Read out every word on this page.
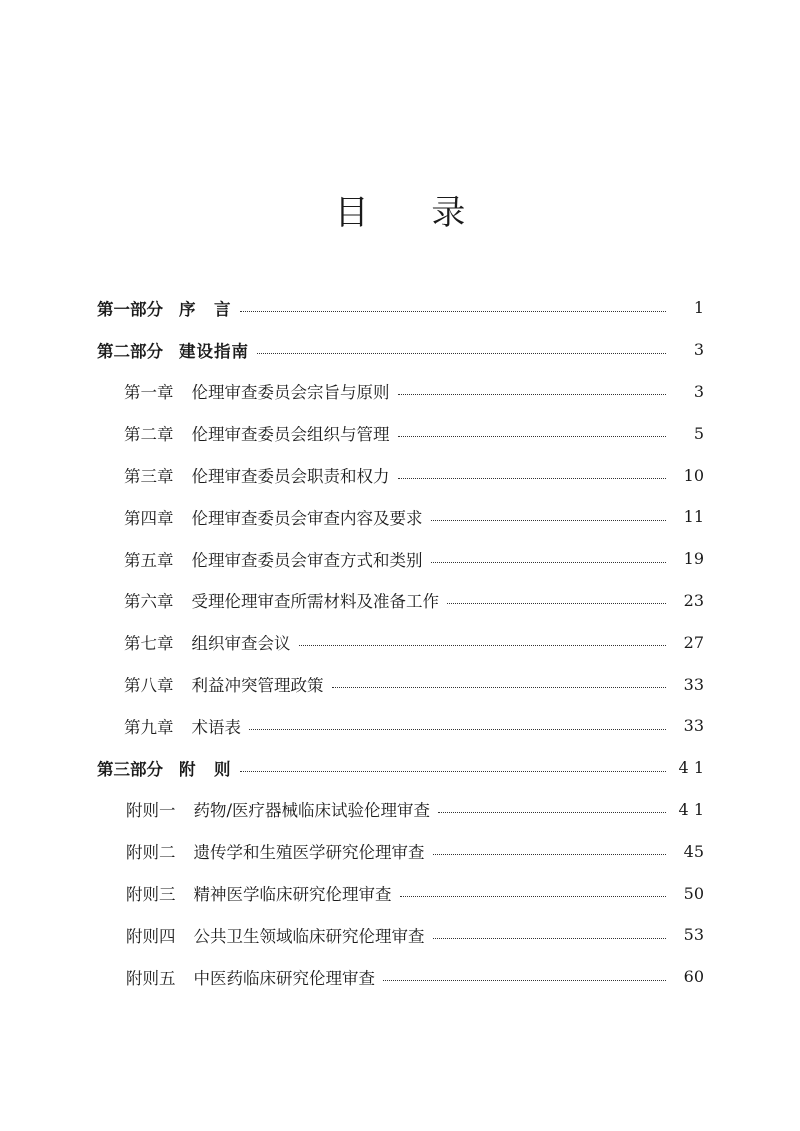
目 录
第一部分 序　言	1
第二部分 建设指南	3
第一章 伦理审查委员会宗旨与原则	3
第二章 伦理审查委员会组织与管理	5
第三章 伦理审查委员会职责和权力	10
第四章 伦理审查委员会审查内容及要求	11
第五章 伦理审查委员会审查方式和类别	19
第六章 受理伦理审查所需材料及准备工作	23
第七章 组织审查会议	27
第八章 利益冲突管理政策	33
第九章 术语表	33
第三部分 附　则	4 1
附则一 药物/医疗器械临床试验伦理审查	4 1
附则二 遗传学和生殖医学研究伦理审查	45
附则三 精神医学临床研究伦理审查	50
附则四 公共卫生领域临床研究伦理审查	53
附则五 中医药临床研究伦理审查	60
